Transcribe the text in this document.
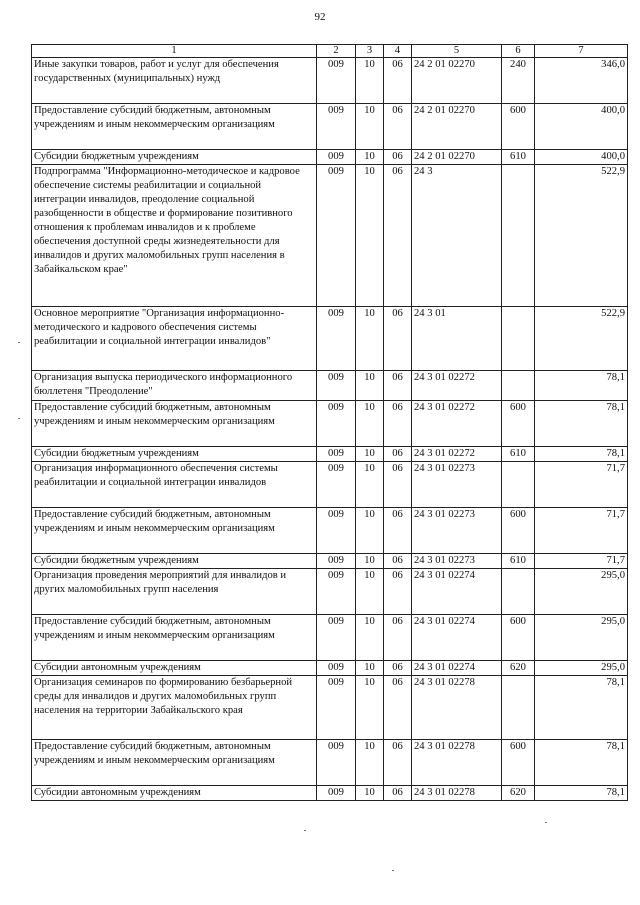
92
1	2	3	4	5	6	7
Иные закупки товаров, работ и услуг для обеспечения государственных (муниципальных) нужд	009	10	06	24 2 01 02270	240	346,0
Предоставление субсидий бюджетным, автономным учреждениям и иным некоммерческим организациям	009	10	06	24 2 01 02270	600	400,0
Субсидии бюджетным учреждениям	009	10	06	24 2 01 02270	610	400,0
Подпрограмма "Информационно-методическое и кадровое обеспечение системы реабилитации и социальной интеграции инвалидов, преодоление социальной разобщенности в обществе и формирование позитивного отношения к проблемам инвалидов и к проблеме обеспечения доступной среды жизнедеятельности для инвалидов и других маломобильных групп населения в Забайкальском крае"	009	10	06	24 3		522,9
Основное мероприятие "Организация информационно-методического и кадрового обеспечения системы реабилитации и социальной интеграции инвалидов"	009	10	06	24 3 01		522,9
Организация выпуска периодического информационного бюллетеня "Преодоление"	009	10	06	24 3 01 02272		78,1
Предоставление субсидий бюджетным, автономным учреждениям и иным некоммерческим организациям	009	10	06	24 3 01 02272	600	78,1
Субсидии бюджетным учреждениям	009	10	06	24 3 01 02272	610	78,1
Организация информационного обеспечения системы реабилитации и социальной интеграции инвалидов	009	10	06	24 3 01 02273		71,7
Предоставление субсидий бюджетным, автономным учреждениям и иным некоммерческим организациям	009	10	06	24 3 01 02273	600	71,7
Субсидии бюджетным учреждениям	009	10	06	24 3 01 02273	610	71,7
Организация проведения мероприятий для инвалидов и других маломобильных групп населения	009	10	06	24 3 01 02274		295,0
Предоставление субсидий бюджетным, автономным учреждениям и иным некоммерческим организациям	009	10	06	24 3 01 02274	600	295,0
Субсидии автономным учреждениям	009	10	06	24 3 01 02274	620	295,0
Организация семинаров по формированию безбарьерной среды для инвалидов и других маломобильных групп населения на территории Забайкальского края	009	10	06	24 3 01 02278		78,1
Предоставление субсидий бюджетным, автономным учреждениям и иным некоммерческим организациям	009	10	06	24 3 01 02278	600	78,1
Субсидии автономным учреждениям	009	10	06	24 3 01 02278	620	78,1
